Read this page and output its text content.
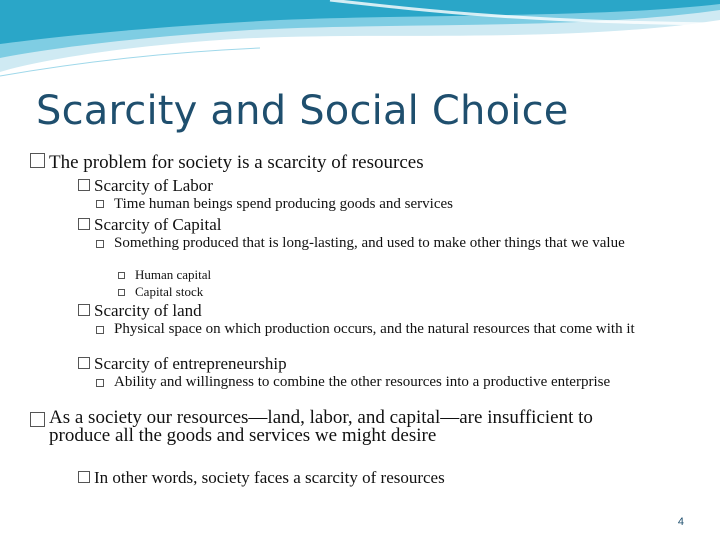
Scarcity and Social Choice
The problem for society is a scarcity of resources
Scarcity of Labor
Time human beings spend producing goods and services
Scarcity of Capital
Something produced that is long-lasting, and used to make other things that we value
Human capital
Capital stock
Scarcity of land
Physical space on which production occurs, and the natural resources that come with it
Scarcity of entrepreneurship
Ability and willingness to combine the other resources into a productive enterprise
As a society our resources—land, labor, and capital—are insufficient to produce all the goods and services we might desire
In other words, society faces a scarcity of resources
4
